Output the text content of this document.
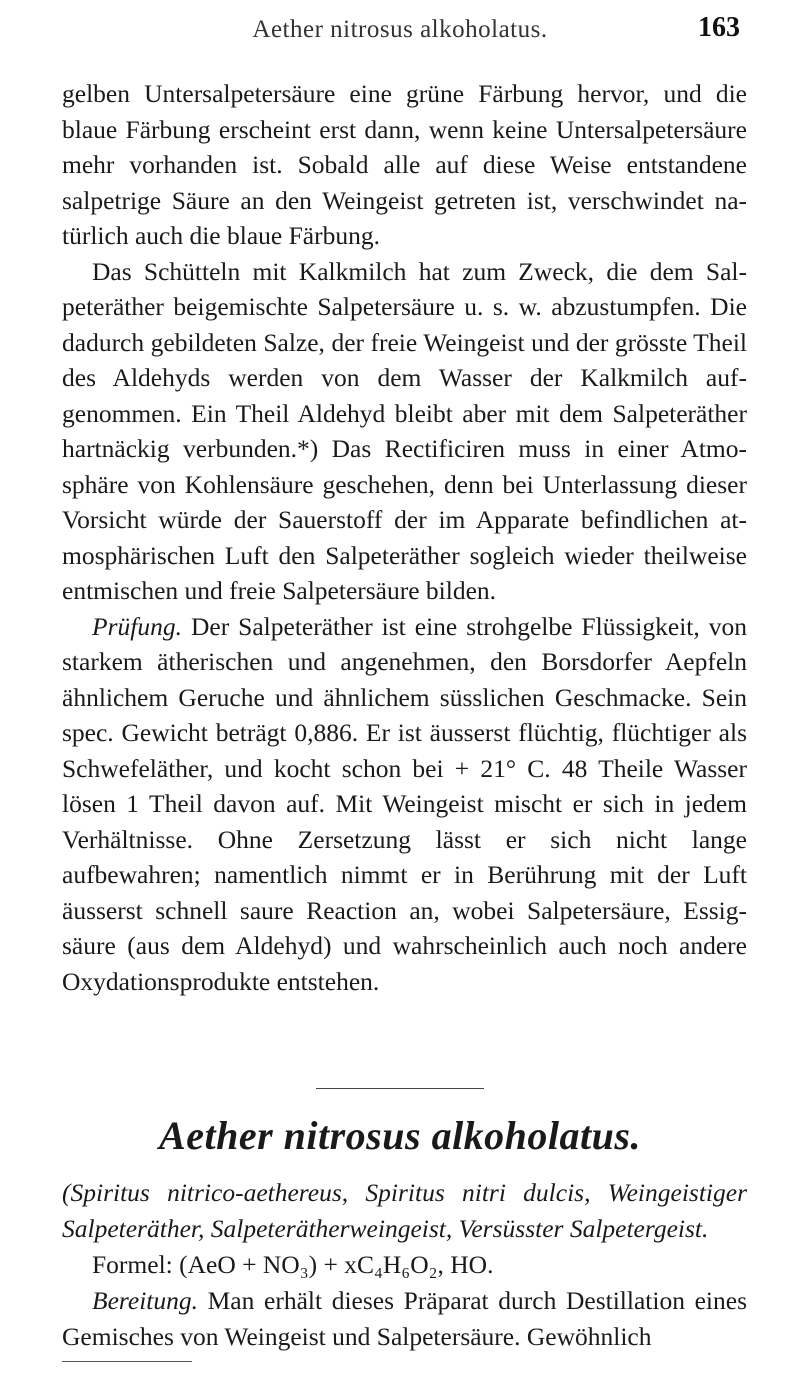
Aether nitrosus alkoholatus.	163

gelben Untersalpetersäure eine grüne Färbung hervor, und die blaue Färbung erscheint erst dann, wenn keine Untersalpetersäure mehr vorhanden ist. Sobald alle auf diese Weise entstandene salpetrige Säure an den Weingeist getreten ist, verschwindet na- türlich auch die blaue Färbung.

Das Schütteln mit Kalkmilch hat zum Zweck, die dem Sal- peteräther beigemischte Salpetersäure u. s. w. abzustumpfen. Die dadurch gebildeten Salze, der freie Weingeist und der grösste Theil des Aldehyds werden von dem Wasser der Kalkmilch auf- genommen. Ein Theil Aldehyd bleibt aber mit dem Salpeteräther hartnäckig verbunden.*) Das Rectificiren muss in einer Atmo- sphäre von Kohlensäure geschehen, denn bei Unterlassung dieser Vorsicht würde der Sauerstoff der im Apparate befindlichen at- mosphärischen Luft den Salpeteräther sogleich wieder theilweise entmischen und freie Salpetersäure bilden.

Prüfung. Der Salpeteräther ist eine strohgelbe Flüssigkeit, von starkem ätherischen und angenehmen, den Borsdorfer Aepfeln ähnlichem Geruche und ähnlichem süsslichen Geschmacke. Sein spec. Gewicht beträgt 0,886. Er ist äusserst flüchtig, flüchtiger als Schwefeläther, und kocht schon bei + 21° C. 48 Theile Wasser lösen 1 Theil davon auf. Mit Weingeist mischt er sich in jedem Verhältnisse. Ohne Zersetzung lässt er sich nicht lange aufbewahren; namentlich nimmt er in Berührung mit der Luft äusserst schnell saure Reaction an, wobei Salpetersäure, Essig- säure (aus dem Aldehyd) und wahrscheinlich auch noch andere Oxydationsprodukte entstehen.

Aether nitrosus alkoholatus.
(Spiritus nitrico-aethereus, Spiritus nitri dulcis, Weingeistiger Salpeteräther, Salpeterätherweingeist, Versüsster Salpetergeist.
Formel: (AeO + NO₃) + xC₄H₆O₂, HO.

Bereitung. Man erhält dieses Präparat durch Destillation eines Gemisches von Weingeist und Salpetersäure. Gewöhnlich
